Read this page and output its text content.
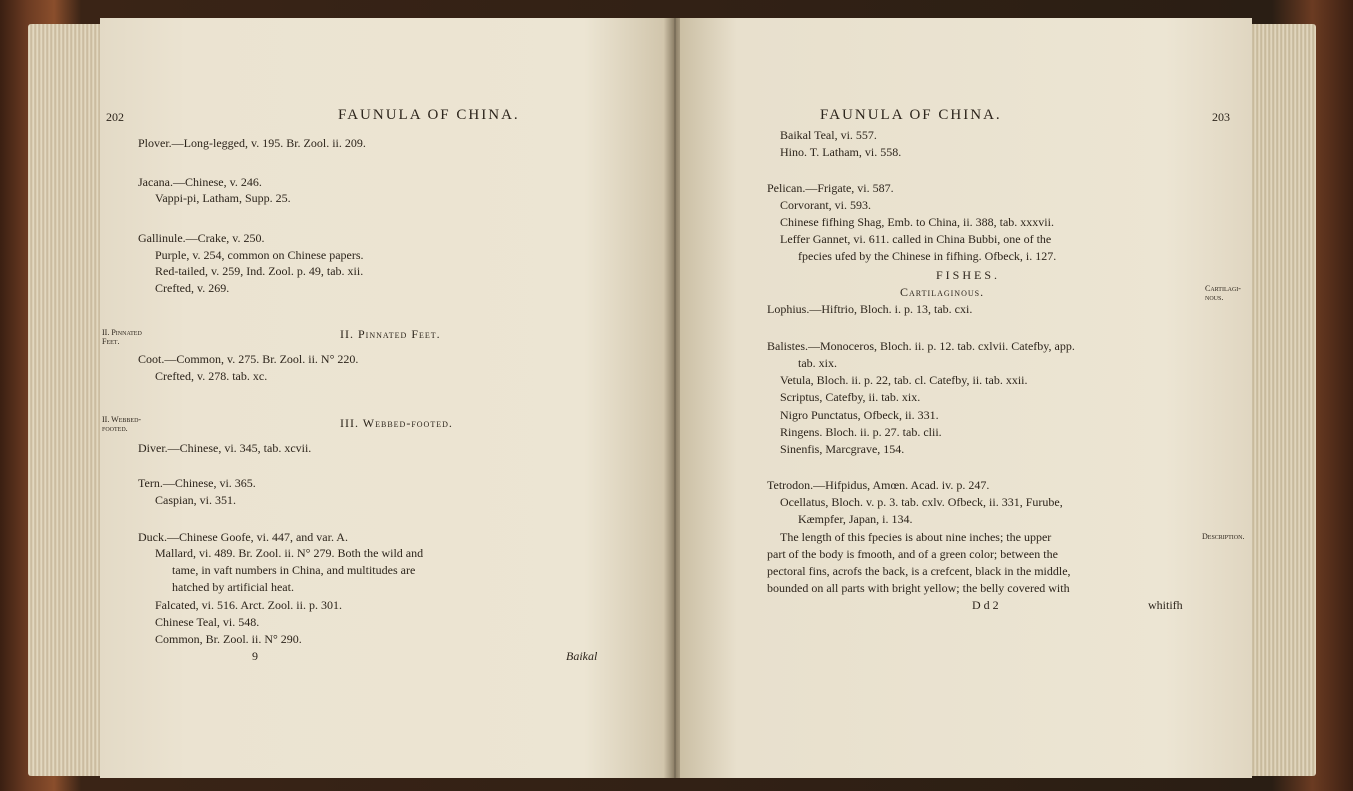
202	FAUNULA OF CHINA.
Plover.—Long-legged, v. 195. Br. Zool. ii. 209.
Jacana.—Chinese, v. 246.
Vappi-pi, Latham, Supp. 25.
Gallinule.—Crake, v. 250.
Purple, v. 254, common on Chinese papers.
Red-tailed, v. 259, Ind. Zool. p. 49, tab. xii.
Crefted, v. 269.
II. Pinnated
Feet.
II. Pinnated Feet.
Coot.—Common, v. 275. Br. Zool. ii. N° 220.
Crefted, v. 278. tab. xc.
II. Webbed-
footed.	III. Webbed-footed.
Diver.—Chinese, vi. 345, tab. xcvii.
Tern.—Chinese, vi. 365.
Caspian, vi. 351.
Duck.—Chinese Goofe, vi. 447, and var. A.
Mallard, vi. 489. Br. Zool. ii. N° 279. Both the wild and
tame, in vaft numbers in China, and multitudes are
hatched by artificial heat.
Falcated, vi. 516. Arct. Zool. ii. p. 301.
Chinese Teal, vi. 548.
Common, Br. Zool. ii. N° 290.
9	Baikal
FAUNULA OF CHINA.	203
Baikal Teal, vi. 557.
Hino. T. Latham, vi. 558.
Pelican.—Frigate, vi. 587.
Corvorant, vi. 593.
Chinese fifhing Shag, Emb. to China, ii. 388, tab. xxxvii.
Leffer Gannet, vi. 611. called in China Bubbi, one of the
fpecies ufed by the Chinese in fifhing. Ofbeck, i. 127.
FISHES.
Cartilaginous.	Cartilagi-
nous.
Lophius.—Hiftrio, Bloch. i. p. 13, tab. cxi.
Balistes.—Monoceros, Bloch. ii. p. 12. tab. cxlvii. Catefby, app.
tab. xix.
Vetula, Bloch. ii. p. 22, tab. cl. Catefby, ii. tab. xxii.
Scriptus, Catefby, ii. tab. xix.
Nigro Punctatus, Ofbeck, ii. 331.
Ringens. Bloch. ii. p. 27. tab. clii.
Sinenfis, Marcgrave, 154.
Tetrodon.—Hifpidus, Amœn. Acad. iv. p. 247.
Ocellatus, Bloch. v. p. 3. tab. cxlv. Ofbeck, ii. 331, Furube,
Kæmpfer, Japan, i. 134.
The length of this fpecies is about nine inches; the upper	Description.
part of the body is fmooth, and of a green color; between the
pectoral fins, acrofs the back, is a crefcent, black in the middle,
bounded on all parts with bright yellow; the belly covered with
D d 2	whitifh
